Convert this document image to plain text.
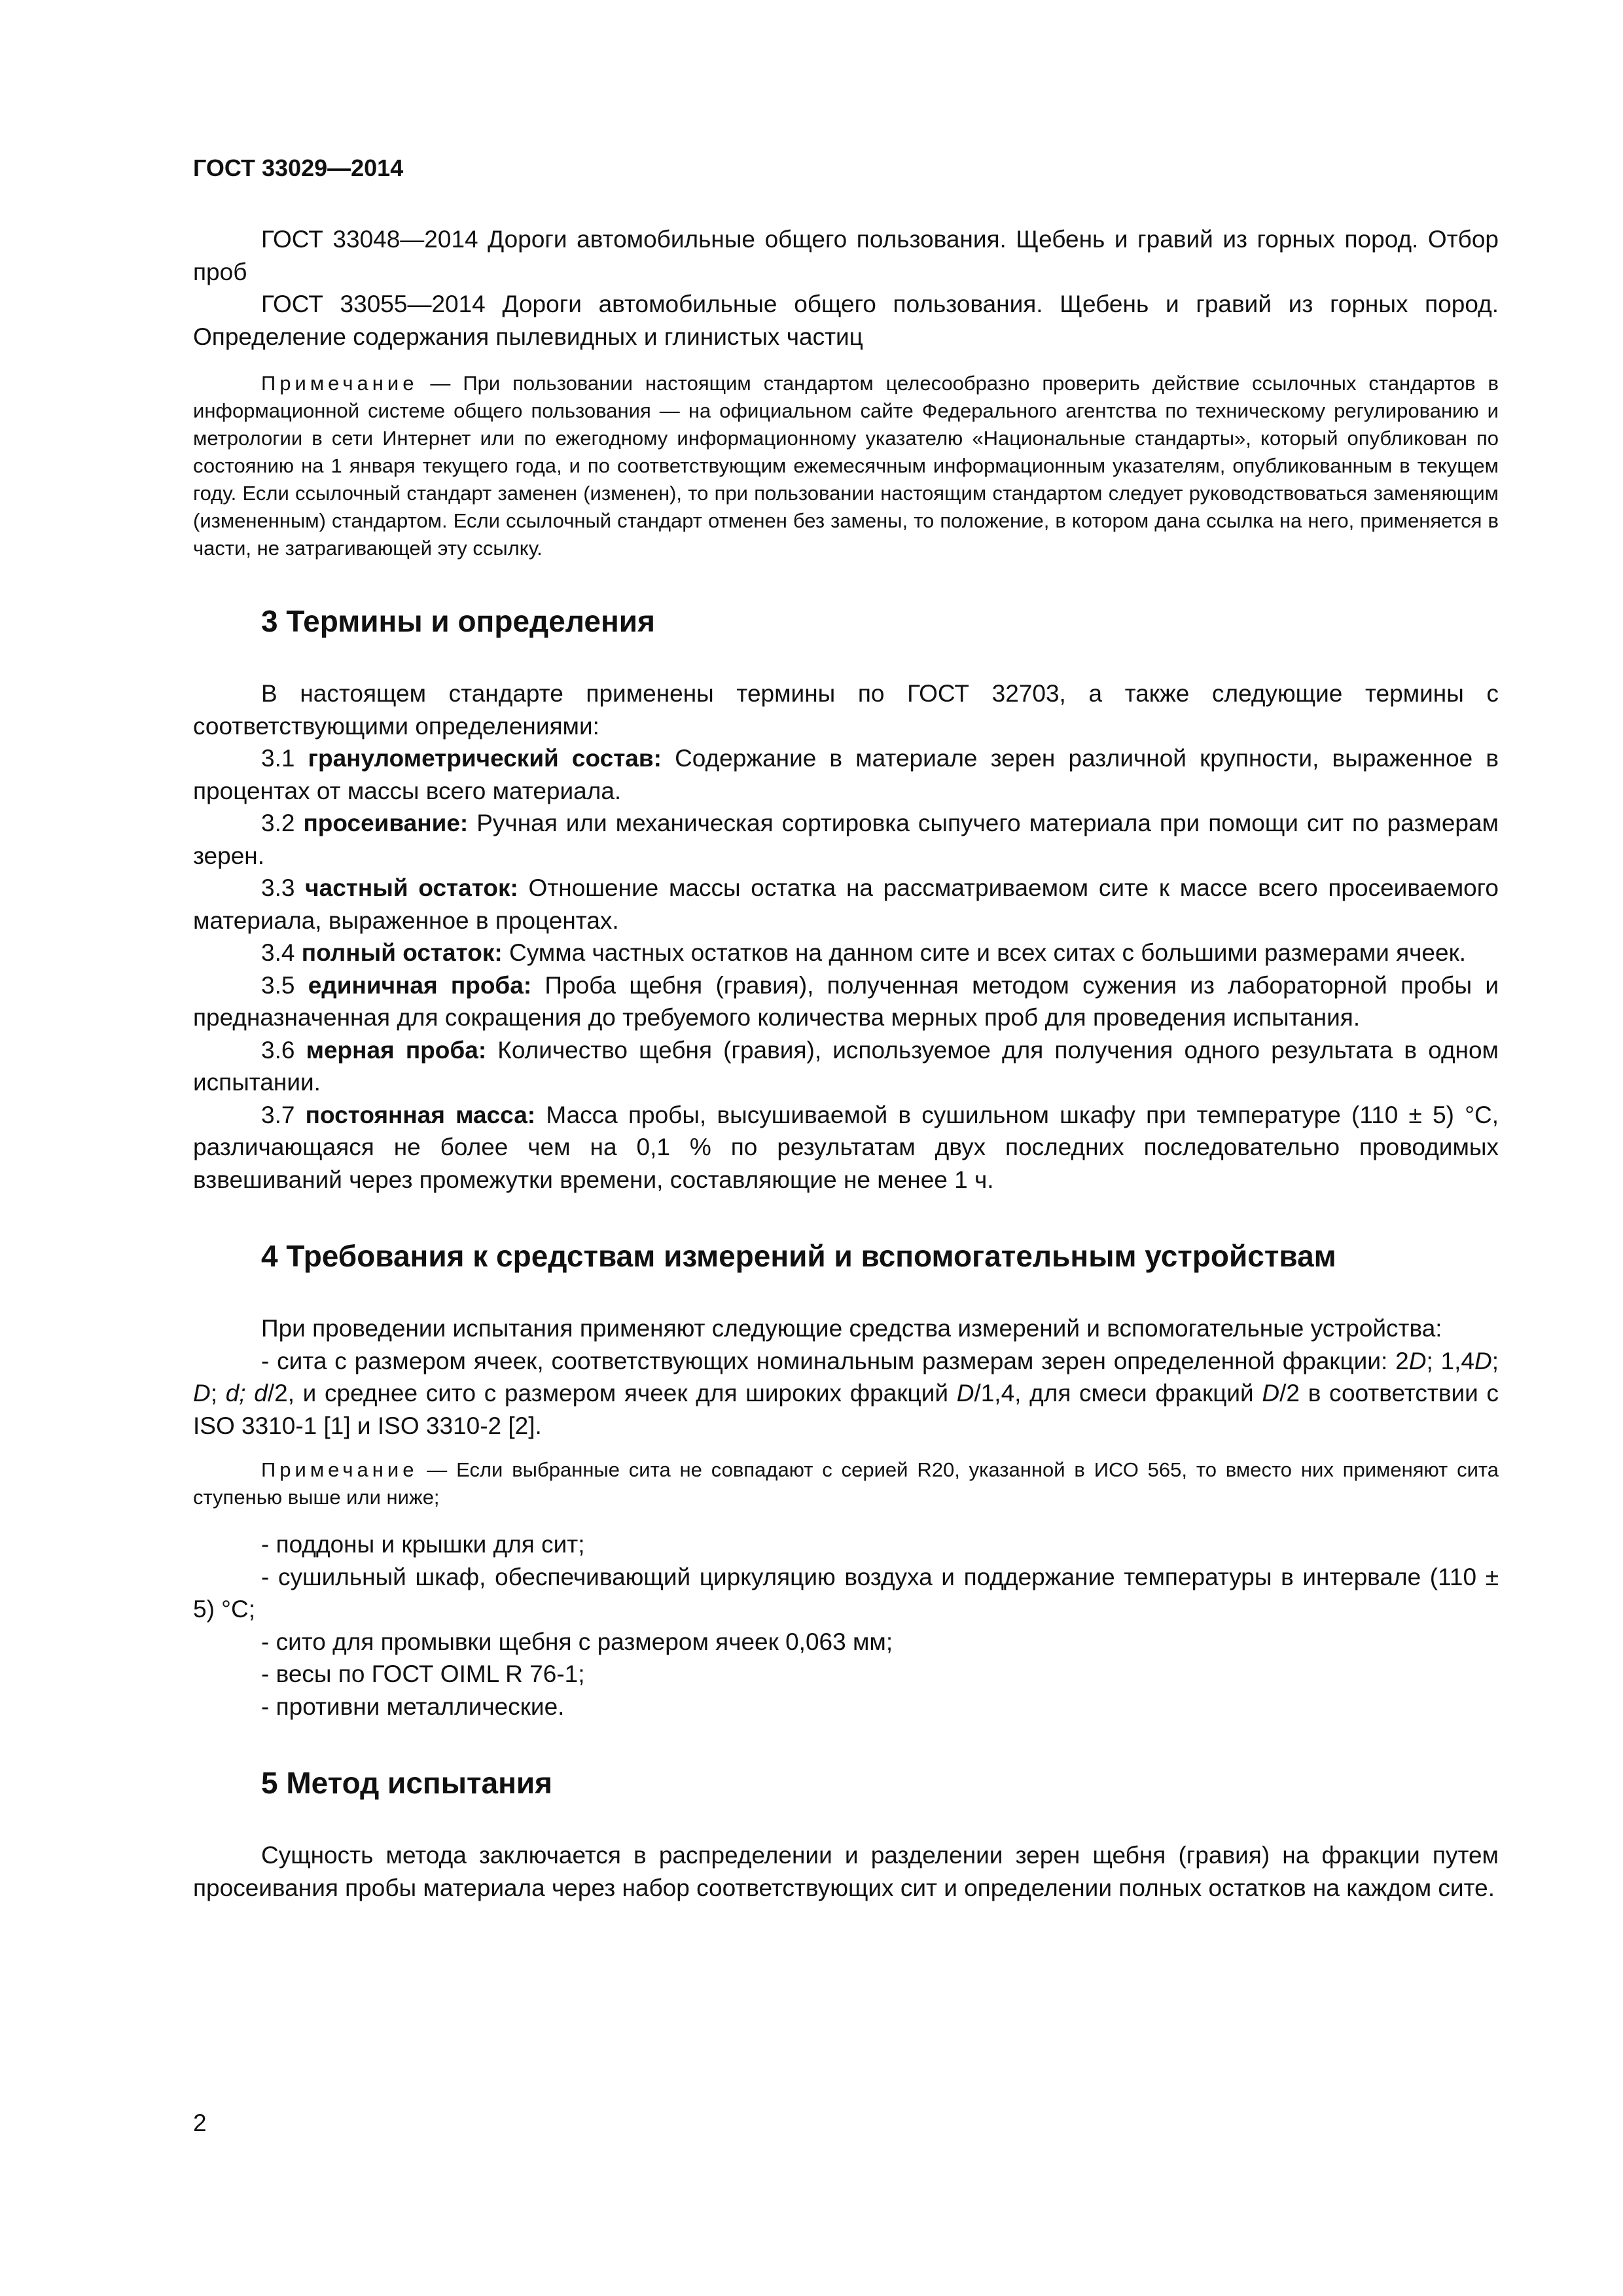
ГОСТ 33029—2014

ГОСТ 33048—2014 Дороги автомобильные общего пользования. Щебень и гравий из горных пород. Отбор проб

ГОСТ 33055—2014 Дороги автомобильные общего пользования. Щебень и гравий из горных пород. Определение содержания пылевидных и глинистых частиц

Примечание — При пользовании настоящим стандартом целесообразно проверить действие ссылочных стандартов в информационной системе общего пользования — на официальном сайте Федерального агентства по техническому регулированию и метрологии в сети Интернет или по ежегодному информационному указателю «Национальные стандарты», который опубликован по состоянию на 1 января текущего года, и по соответствующим ежемесячным информационным указателям, опубликованным в текущем году. Если ссылочный стандарт заменен (изменен), то при пользовании настоящим стандартом следует руководствоваться заменяющим (измененным) стандартом. Если ссылочный стандарт отменен без замены, то положение, в котором дана ссылка на него, применяется в части, не затрагивающей эту ссылку.

3 Термины и определения

В настоящем стандарте применены термины по ГОСТ 32703, а также следующие термины с соответствующими определениями:

3.1 гранулометрический состав: Содержание в материале зерен различной крупности, выраженное в процентах от массы всего материала.

3.2 просеивание: Ручная или механическая сортировка сыпучего материала при помощи сит по размерам зерен.

3.3 частный остаток: Отношение массы остатка на рассматриваемом сите к массе всего просеиваемого материала, выраженное в процентах.

3.4 полный остаток: Сумма частных остатков на данном сите и всех ситах с большими размерами ячеек.

3.5 единичная проба: Проба щебня (гравия), полученная методом сужения из лабораторной пробы и предназначенная для сокращения до требуемого количества мерных проб для проведения испытания.

3.6 мерная проба: Количество щебня (гравия), используемое для получения одного результата в одном испытании.

3.7 постоянная масса: Масса пробы, высушиваемой в сушильном шкафу при температуре (110 ± 5) °C, различающаяся не более чем на 0,1 % по результатам двух последних последовательно проводимых взвешиваний через промежутки времени, составляющие не менее 1 ч.

4 Требования к средствам измерений и вспомогательным устройствам

При проведении испытания применяют следующие средства измерений и вспомогательные устройства:

- сита с размером ячеек, соответствующих номинальным размерам зерен определенной фракции: 2D; 1,4D; D; d; d/2, и среднее сито с размером ячеек для широких фракций D/1,4, для смеси фракций D/2 в соответствии с ISO 3310-1 [1] и ISO 3310-2 [2].

Примечание — Если выбранные сита не совпадают с серией R20, указанной в ИСО 565, то вместо них применяют сита ступенью выше или ниже;

- поддоны и крышки для сит;

- сушильный шкаф, обеспечивающий циркуляцию воздуха и поддержание температуры в интервале (110 ± 5) °С;

- сито для промывки щебня с размером ячеек 0,063 мм;

- весы по ГОСТ OIML R 76-1;

- противни металлические.

5 Метод испытания

Сущность метода заключается в распределении и разделении зерен щебня (гравия) на фракции путем просеивания пробы материала через набор соответствующих сит и определении полных остатков на каждом сите.

2
